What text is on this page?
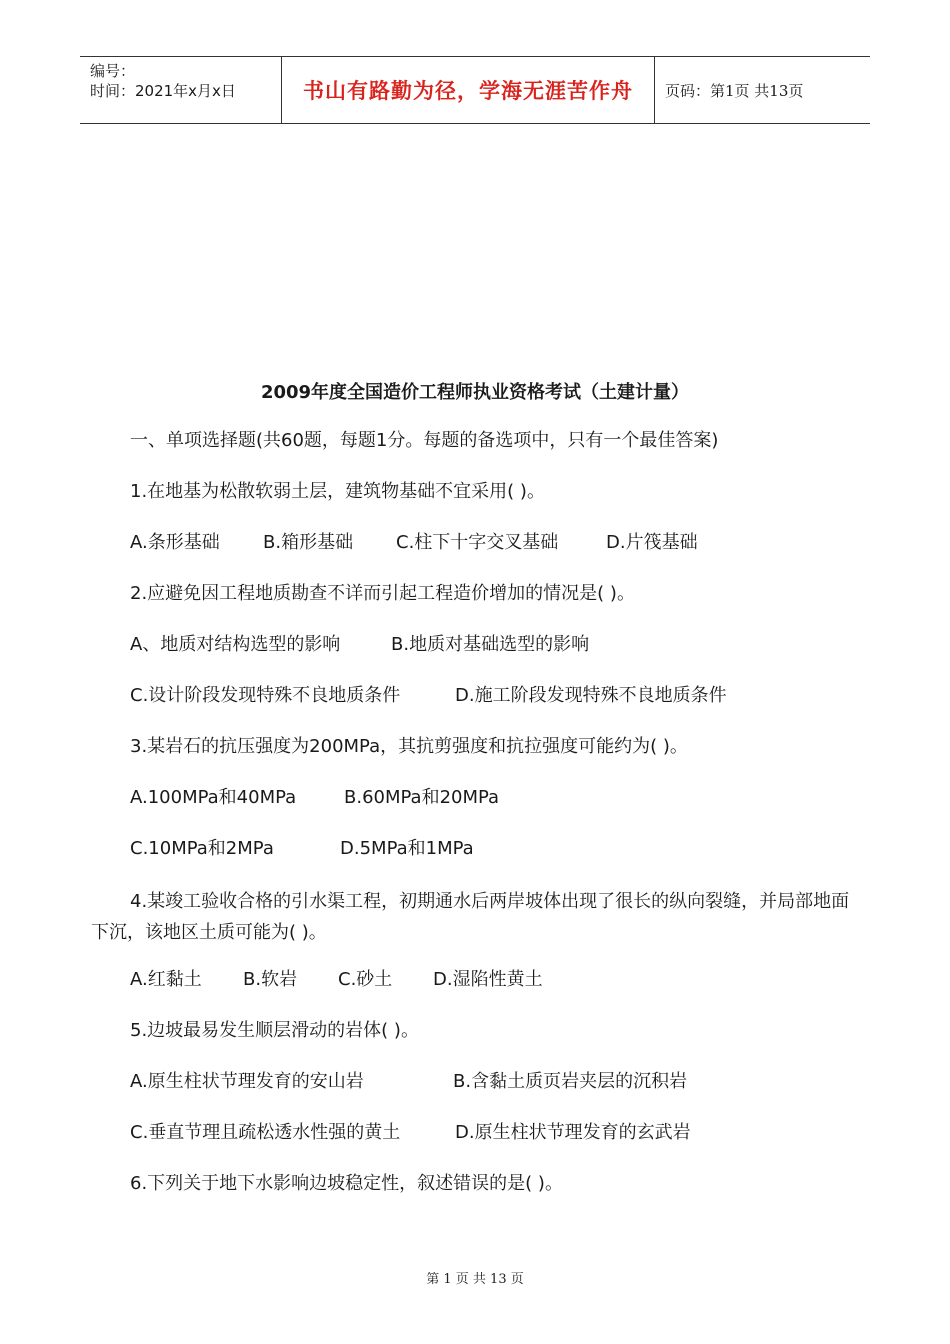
编号：
时间：2021年x月x日	书山有路勤为径，学海无涯苦作舟 页码：第1页 共13页
2009年度全国造价工程师执业资格考试（土建计量）
一、单项选择题(共60题，每题1分。每题的备选项中，只有一个最佳答案)
1.在地基为松散软弱土层，建筑物基础不宜采用( )。
A.条形基础 B.箱形基础 C.柱下十字交叉基础	D.片筏基础
2.应避免因工程地质勘查不详而引起工程造价增加的情况是( )。
A、地质对结构选型的影响	B.地质对基础选型的影响
C.设计阶段发现特殊不良地质条件	D.施工阶段发现特殊不良地质条件
3.某岩石的抗压强度为200MPa，其抗剪强度和抗拉强度可能约为( )。
A.100MPa和40MPa	B.60MPa和20MPa
C.10MPa和2MPa	D.5MPa和1MPa
4.某竣工验收合格的引水渠工程，初期通水后两岸坡体出现了很长的纵向裂缝，并局部地面下沉，该地区土质可能为( )。
A.红黏土 B.软岩 C.砂土 D.湿陷性黄土
5.边坡最易发生顺层滑动的岩体( )。
A.原生柱状节理发育的安山岩	B.含黏土质页岩夹层的沉积岩
C.垂直节理且疏松透水性强的黄土	D.原生柱状节理发育的玄武岩
6.下列关于地下水影响边坡稳定性，叙述错误的是( )。
第 1 页 共 13 页
